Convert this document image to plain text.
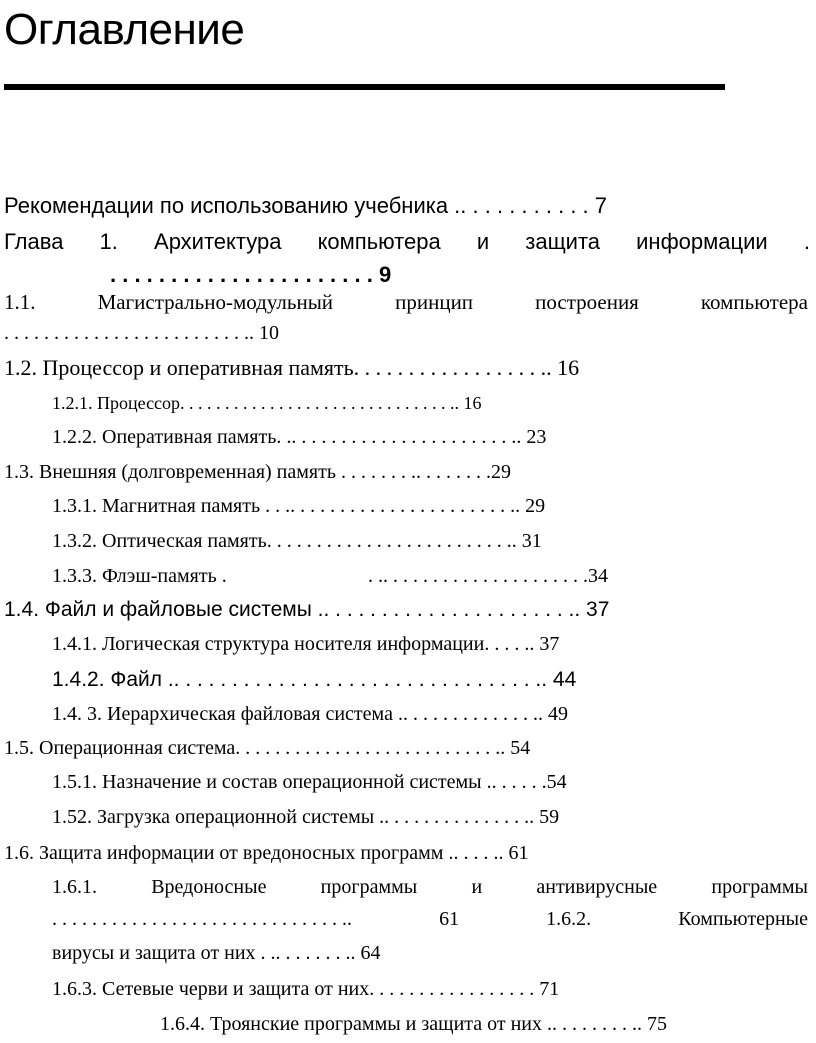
Оглавление
Рекомендации по использованию учебника .. . . . . . . . . . . 7
Глава 1. Архитектура компьютера и защита информации .
. . . . . . . . . . . . . . . . . . . . . . 9
1.1.	Магистрально-модульный	принцип	построения	компьютера
. . . . . . . . . . . . . . . . . . . . . . . . .. 10
1.2. Процессор и оперативная память. . . . . . . . . . . . . . . . . .. 16
1.2.1. Процессор. . . . . . . . . . . . . . . . . . . . . . . . . . . . . . .. 16
1.2.2. Оперативная память. .. . . . . . . . . . . . . . . . . . . . . . .. 23
1.3. Внешняя (долговременная) память . . . . . . . .. . . . . . . .29
1.3.1. Магнитная память . . .. . . . . . . . . . . . . . . . . . . . . . .. 29
1.3.2. Оптическая память. . . . . . . . . . . . . . . . . . . . . . . . .. 31
1.3.3. Флэш-память .	. .. . . . . . . . . . . . . . . . . . . . .34
1.4. Файл и файловые системы .. . . . . . . . . . . . . . . . . . . . . .. 37
1.4.1. Логическая структура носителя информации. . . . .. 37
1.4.2. Файл .. . . . . . . . . . . . . . . . . . . . . . . . . . . . . . . .. 44
1.4. 3. Иерархическая файловая система .. . . . . . . . . . . . . .. 49
1.5. Операционная система. . . . . . . . . . . . . . . . . . . . . . . . . . .. 54
1.5.1. Назначение и состав операционной системы .. . . . . .54
1.52. Загрузка операционной системы .. . . . . . . . . . . . . . .. 59
1.6. Защита информации от вредоносных программ .. . . . .. 61
1.6.1.	Вредоносные	программы	и	антивирусные	программы
. . . . . . . . . . . . . . . . . . . . . . . . . . . . . ..	61	1.6.2.	Компьютерные
вирусы и защита от них . .. . . . . . . .. 64
1.6.3. Сетевые черви и защита от них. . . . . . . . . . . . . . . . . 71
1.6.4. Троянские программы и защита от них .. . . . . . . . .. 75
